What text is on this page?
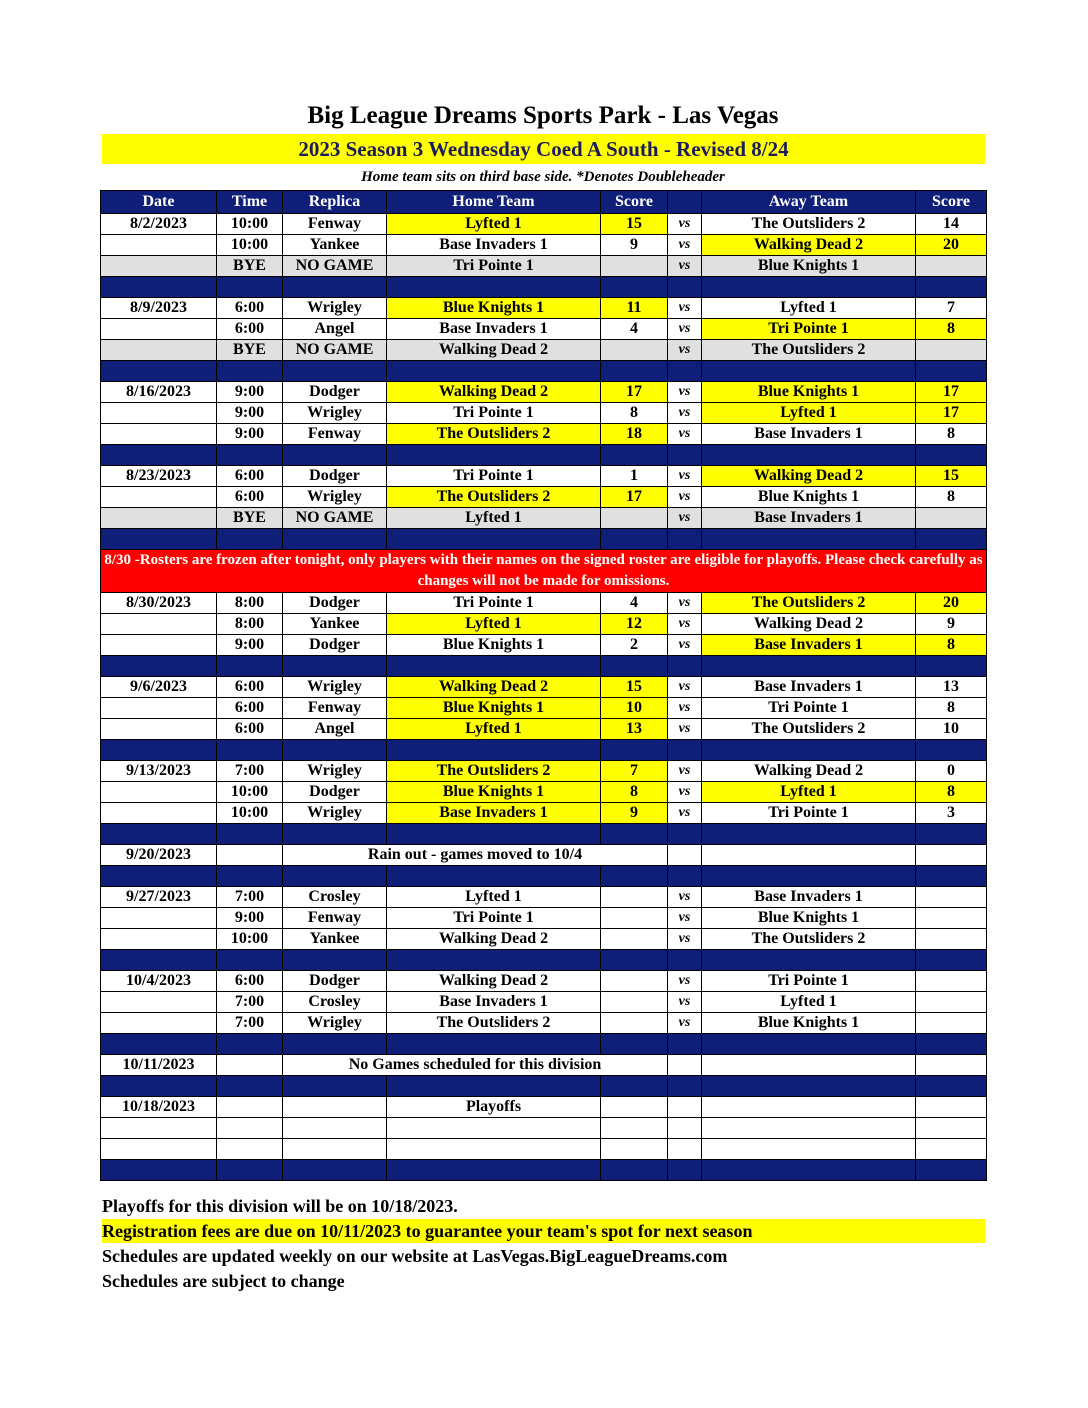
Big League Dreams Sports Park - Las Vegas
2023 Season 3 Wednesday Coed A South - Revised 8/24
Home team sits on third base side. *Denotes Doubleheader
Date	Time	Replica	Home Team	Score		Away Team	Score
8/2/2023	10:00	Fenway	Lyfted 1	15	vs	The Outsliders 2	14
	10:00	Yankee	Base Invaders 1	9	vs	Walking Dead 2	20
	BYE	NO GAME	Tri Pointe 1		vs	Blue Knights 1	

8/9/2023	6:00	Wrigley	Blue Knights 1	11	vs	Lyfted 1	7
	6:00	Angel	Base Invaders 1	4	vs	Tri Pointe 1	8
	BYE	NO GAME	Walking Dead 2		vs	The Outsliders 2	

8/16/2023	9:00	Dodger	Walking Dead 2	17	vs	Blue Knights 1	17
	9:00	Wrigley	Tri Pointe 1	8	vs	Lyfted 1	17
	9:00	Fenway	The Outsliders 2	18	vs	Base Invaders 1	8

8/23/2023	6:00	Dodger	Tri Pointe 1	1	vs	Walking Dead 2	15
	6:00	Wrigley	The Outsliders 2	17	vs	Blue Knights 1	8
	BYE	NO GAME	Lyfted 1		vs	Base Invaders 1	

8/30 -Rosters are frozen after tonight, only players with their names on the signed roster are eligible for playoffs. Please check carefully as changes will not be made for omissions.							
8/30/2023	8:00	Dodger	Tri Pointe 1	4	vs	The Outsliders 2	20
	8:00	Yankee	Lyfted 1	12	vs	Walking Dead 2	9
	9:00	Dodger	Blue Knights 1	2	vs	Base Invaders 1	8

9/6/2023	6:00	Wrigley	Walking Dead 2	15	vs	Base Invaders 1	13
	6:00	Fenway	Blue Knights 1	10	vs	Tri Pointe 1	8
	6:00	Angel	Lyfted 1	13	vs	The Outsliders 2	10

9/13/2023	7:00	Wrigley	The Outsliders 2	7	vs	Walking Dead 2	0
	10:00	Dodger	Blue Knights 1	8	vs	Lyfted 1	8
	10:00	Wrigley	Base Invaders 1	9	vs	Tri Pointe 1	3

9/20/2023		Rain out - games moved to 10/4					

9/27/2023	7:00	Crosley	Lyfted 1		vs	Base Invaders 1	
	9:00	Fenway	Tri Pointe 1		vs	Blue Knights 1	
	10:00	Yankee	Walking Dead 2		vs	The Outsliders 2	

10/4/2023	6:00	Dodger	Walking Dead 2		vs	Tri Pointe 1	
	7:00	Crosley	Base Invaders 1		vs	Lyfted 1	
	7:00	Wrigley	The Outsliders 2		vs	Blue Knights 1	

10/11/2023		No Games scheduled for this division					

10/18/2023			Playoffs				

Playoffs for this division will be on 10/18/2023.
Registration fees are due on 10/11/2023 to guarantee your team's spot for next season
Schedules are updated weekly on our website at LasVegas.BigLeagueDreams.com
Schedules are subject to change
